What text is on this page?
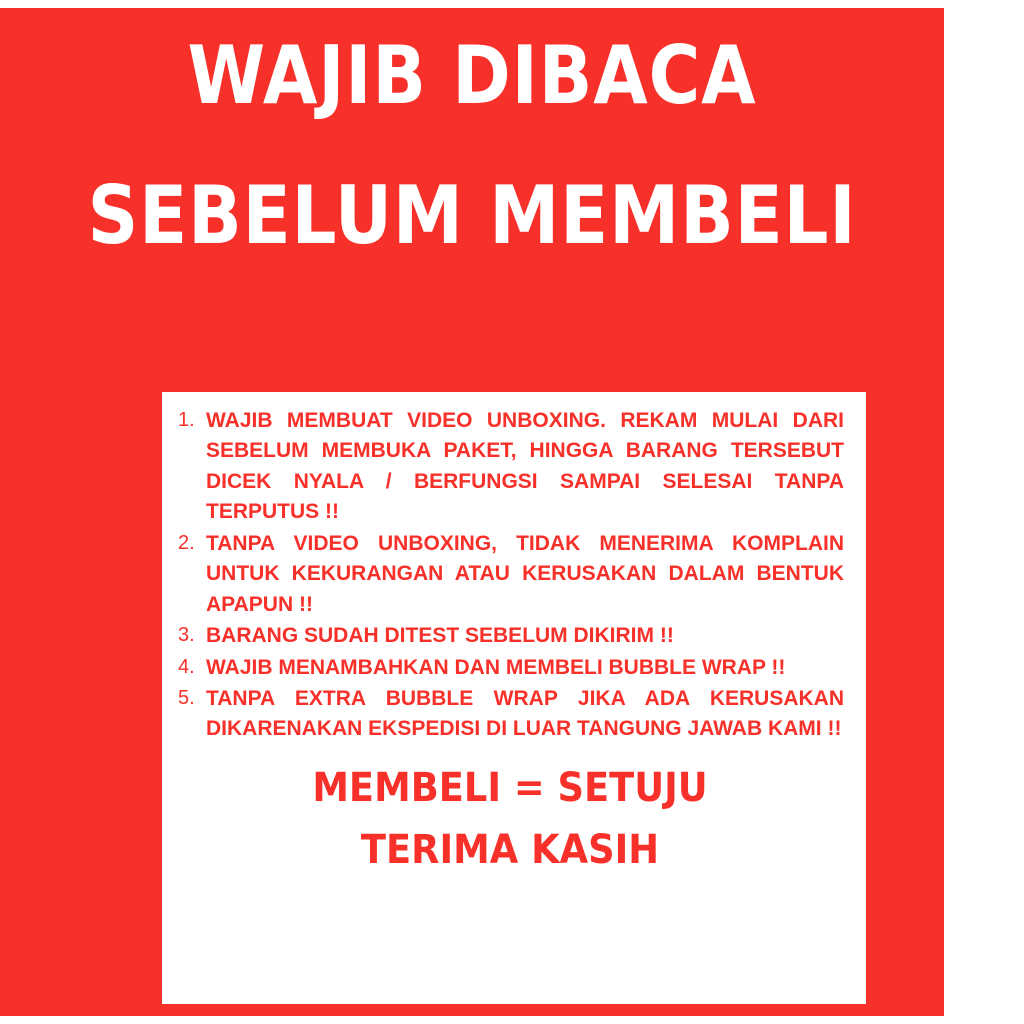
WAJIB DIBACA
SEBELUM MEMBELI
WAJIB MEMBUAT VIDEO UNBOXING. REKAM MULAI DARI SEBELUM MEMBUKA PAKET, HINGGA BARANG TERSEBUT DICEK NYALA / BERFUNGSI SAMPAI SELESAI TANPA TERPUTUS !!
TANPA VIDEO UNBOXING, TIDAK MENERIMA KOMPLAIN UNTUK KEKURANGAN ATAU KERUSAKAN DALAM BENTUK APAPUN !!
BARANG SUDAH DITEST SEBELUM DIKIRIM !!
WAJIB MENAMBAHKAN DAN MEMBELI BUBBLE WRAP !!
TANPA EXTRA BUBBLE WRAP JIKA ADA KERUSAKAN DIKARENAKAN EKSPEDISI DI LUAR TANGUNG JAWAB KAMI !!
MEMBELI = SETUJU
TERIMA KASIH
